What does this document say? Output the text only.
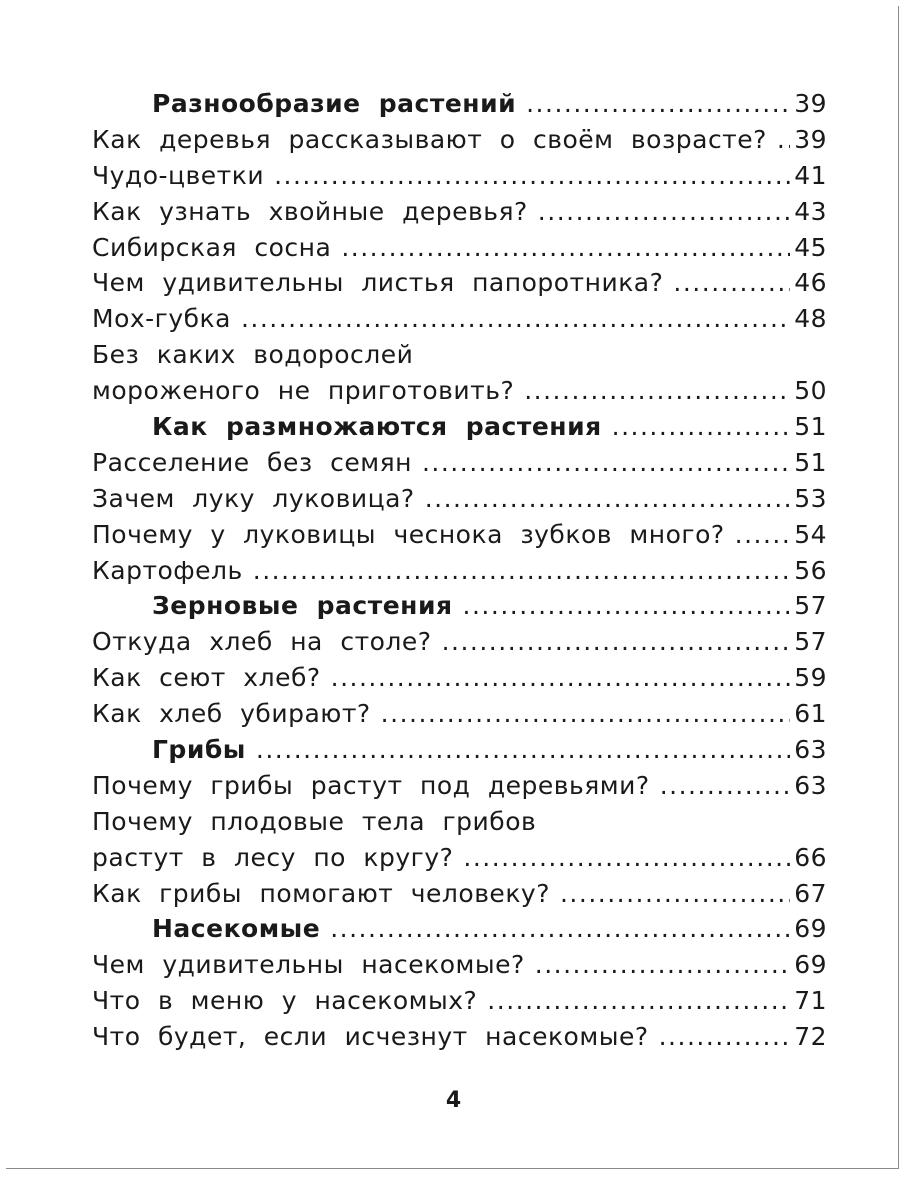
Разнообразие растений .....	39
Как деревья рассказывают о своём возрасте? ..... 39
Чудо-цветки .....	41
Как узнать хвойные деревья? .....	43
Сибирская сосна .....	45
Чем удивительны листья папоротника? .....	46
Мох-губка .....	48
Без каких водорослей
мороженого не приготовить? .....	50
Как размножаются растения .....	51
Расселение без семян .....	51
Зачем луку луковица? .....	53
Почему у луковицы чеснока зубков много? .....	54
Картофель .....	56
Зерновые растения .....	57
Откуда хлеб на столе? .....	57
Как сеют хлеб? .....	59
Как хлеб убирают? .....	61
Грибы .....	63
Почему грибы растут под деревьями? .....	63
Почему плодовые тела грибов
растут в лесу по кругу? .....	66
Как грибы помогают человеку? .....	67
Насекомые .....	69
Чем удивительны насекомые? .....	69
Что в меню у насекомых? .....	71
Что будет, если исчезнут насекомые? .....	72
4
